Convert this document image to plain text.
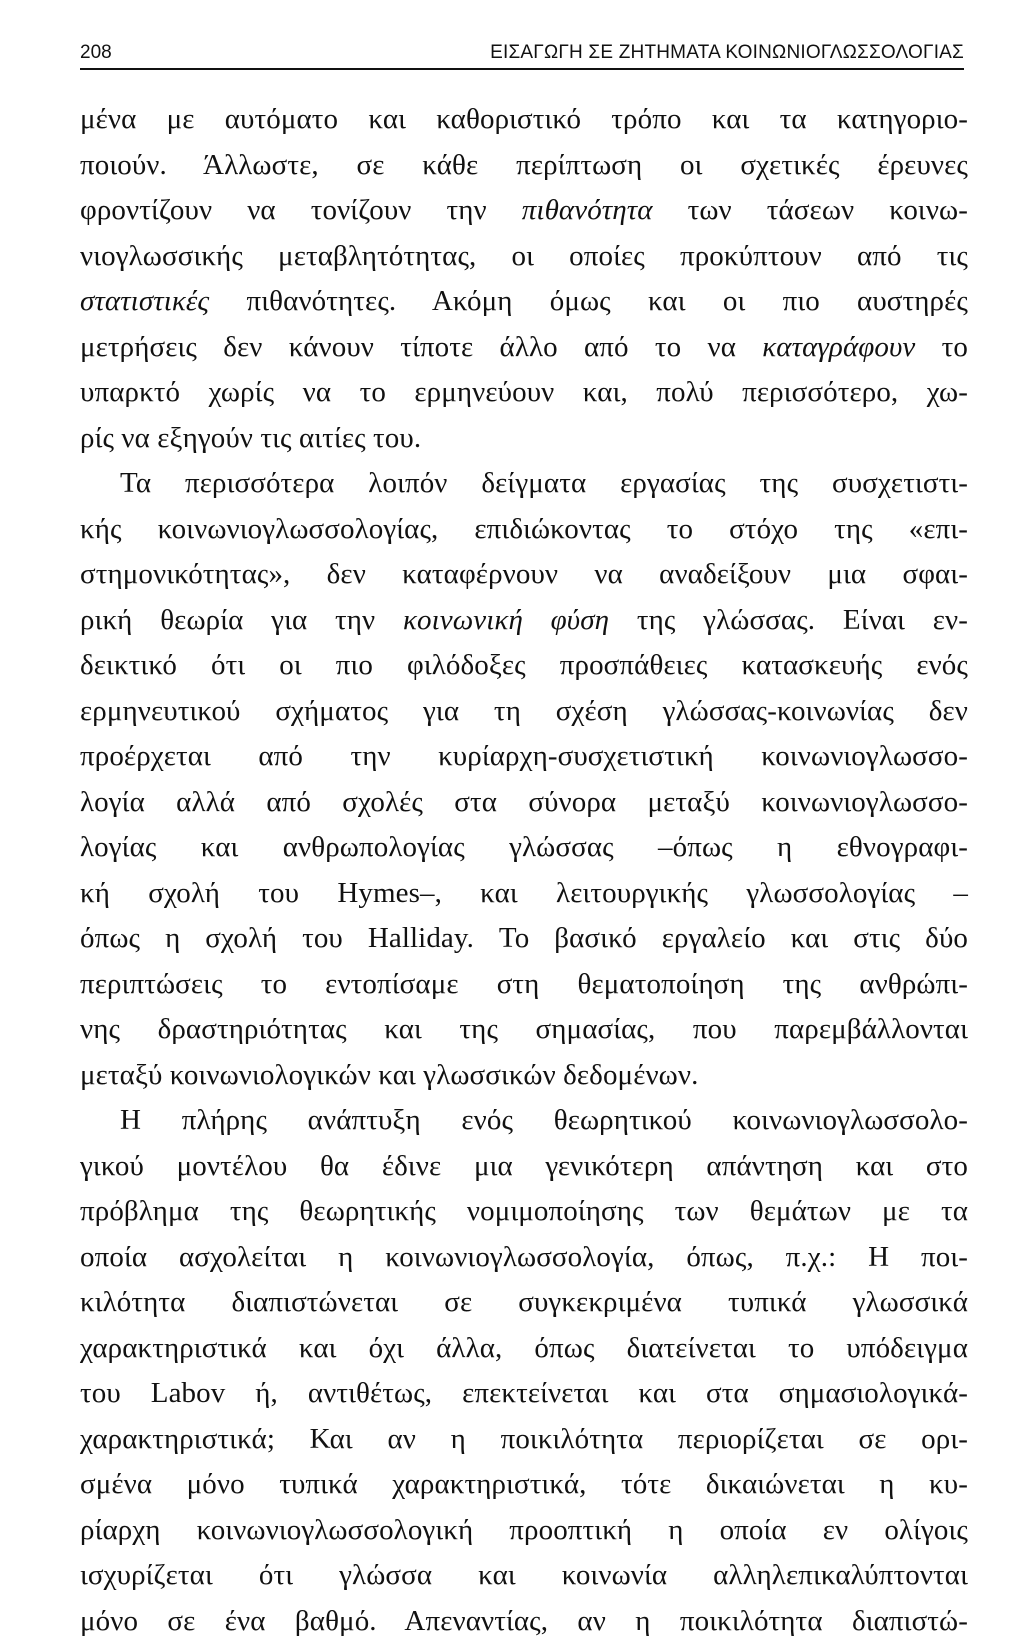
208	ΕΙΣΑΓΩΓΗ ΣΕ ΖΗΤΗΜΑΤΑ ΚΟΙΝΩΝΙΟΓΛΩΣΣΟΛΟΓΙΑΣ
μένα με αυτόματο και καθοριστικό τρόπο και τα κατηγοριο-
ποιούν. Άλλωστε, σε κάθε περίπτωση οι σχετικές έρευνες
φροντίζουν να τονίζουν την πιθανότητα των τάσεων κοινω-
νιογλωσσικής μεταβλητότητας, οι οποίες προκύπτουν από τις
στατιστικές πιθανότητες. Ακόμη όμως και οι πιο αυστηρές
μετρήσεις δεν κάνουν τίποτε άλλο από το να καταγράφουν το
υπαρκτό χωρίς να το ερμηνεύουν και, πολύ περισσότερο, χω-
ρίς να εξηγούν τις αιτίες του.
Τα περισσότερα λοιπόν δείγματα εργασίας της συσχετιστι-
κής κοινωνιογλωσσολογίας, επιδιώκοντας το στόχο της «επι-
στημονικότητας», δεν καταφέρνουν να αναδείξουν μια σφαι-
ρική θεωρία για την κοινωνική φύση της γλώσσας. Είναι εν-
δεικτικό ότι οι πιο φιλόδοξες προσπάθειες κατασκευής ενός
ερμηνευτικού σχήματος για τη σχέση γλώσσας-κοινωνίας δεν
προέρχεται από την κυρίαρχη-συσχετιστική κοινωνιογλωσσο-
λογία αλλά από σχολές στα σύνορα μεταξύ κοινωνιογλωσσο-
λογίας και ανθρωπολογίας γλώσσας –όπως η εθνογραφι-
κή σχολή του Hymes–, και λειτουργικής γλωσσολογίας –
όπως η σχολή του Halliday. Το βασικό εργαλείο και στις δύο
περιπτώσεις το εντοπίσαμε στη θεματοποίηση της ανθρώπι-
νης δραστηριότητας και της σημασίας, που παρεμβάλλονται
μεταξύ κοινωνιολογικών και γλωσσικών δεδομένων.
Η πλήρης ανάπτυξη ενός θεωρητικού κοινωνιογλωσσολο-
γικού μοντέλου θα έδινε μια γενικότερη απάντηση και στο
πρόβλημα της θεωρητικής νομιμοποίησης των θεμάτων με τα
οποία ασχολείται η κοινωνιογλωσσολογία, όπως, π.χ.: Η ποι-
κιλότητα διαπιστώνεται σε συγκεκριμένα τυπικά γλωσσικά
χαρακτηριστικά και όχι άλλα, όπως διατείνεται το υπόδειγμα
του Labov ή, αντιθέτως, επεκτείνεται και στα σημασιολογικά-
χαρακτηριστικά; Και αν η ποικιλότητα περιορίζεται σε ορι-
σμένα μόνο τυπικά χαρακτηριστικά, τότε δικαιώνεται η κυ-
ρίαρχη κοινωνιογλωσσολογική προοπτική η οποία εν ολίγοις
ισχυρίζεται ότι γλώσσα και κοινωνία αλληλεπικαλύπτονται
μόνο σε ένα βαθμό. Απεναντίας, αν η ποικιλότητα διαπιστώ-
